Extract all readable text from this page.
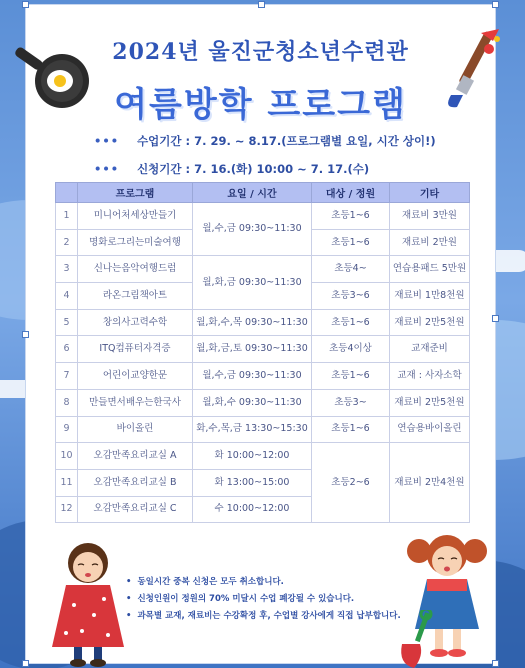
2024년 울진군청소년수련관
여름방학 프로그램
••• 수업기간 : 7. 29. ~ 8.17.(프로그램별 요일, 시간 상이!)
••• 신청기간 : 7. 16.(화) 10:00 ~ 7. 17.(수)
	프로그램	요일 / 시간	대상 / 정원	기타
1	미니어처세상만들기	월,수,금 09:30~11:30	초등1~6	재료비 3만원
2	명화로그리는미술여행		초등1~6	재료비 2만원
3	신나는음악여행드럼	월,화,금 09:30~11:30	초등4~	연습용패드 5만원
4	라온그림책아트		초등3~6	재료비 1만8천원
5	창의사고력수학	월,화,수,목 09:30~11:30	초등1~6	재료비 2만5천원
6	ITQ컴퓨터자격증	월,화,금,토 09:30~11:30	초등4이상	교재준비
7	어린이교양한문	월,수,금 09:30~11:30	초등1~6	교재 : 사자소학
8	만들면서배우는한국사	월,화,수 09:30~11:30	초등3~	재료비 2만5천원
9	바이올린	화,수,목,금 13:30~15:30	초등1~6	연습용바이올린
10	오감만족요리교실 A	화 10:00~12:00	초등2~6	재료비 2만4천원
11	오감만족요리교실 B	화 13:00~15:00		
12	오감만족요리교실 C	수 10:00~12:00		
• 동일시간 중복 신청은 모두 취소합니다.
• 신청인원이 정원의 70% 미달시 수업 폐강될 수 있습니다.
• 과목별 교재, 재료비는 수강확정 후, 수업별 강사에게 직접 납부합니다.
